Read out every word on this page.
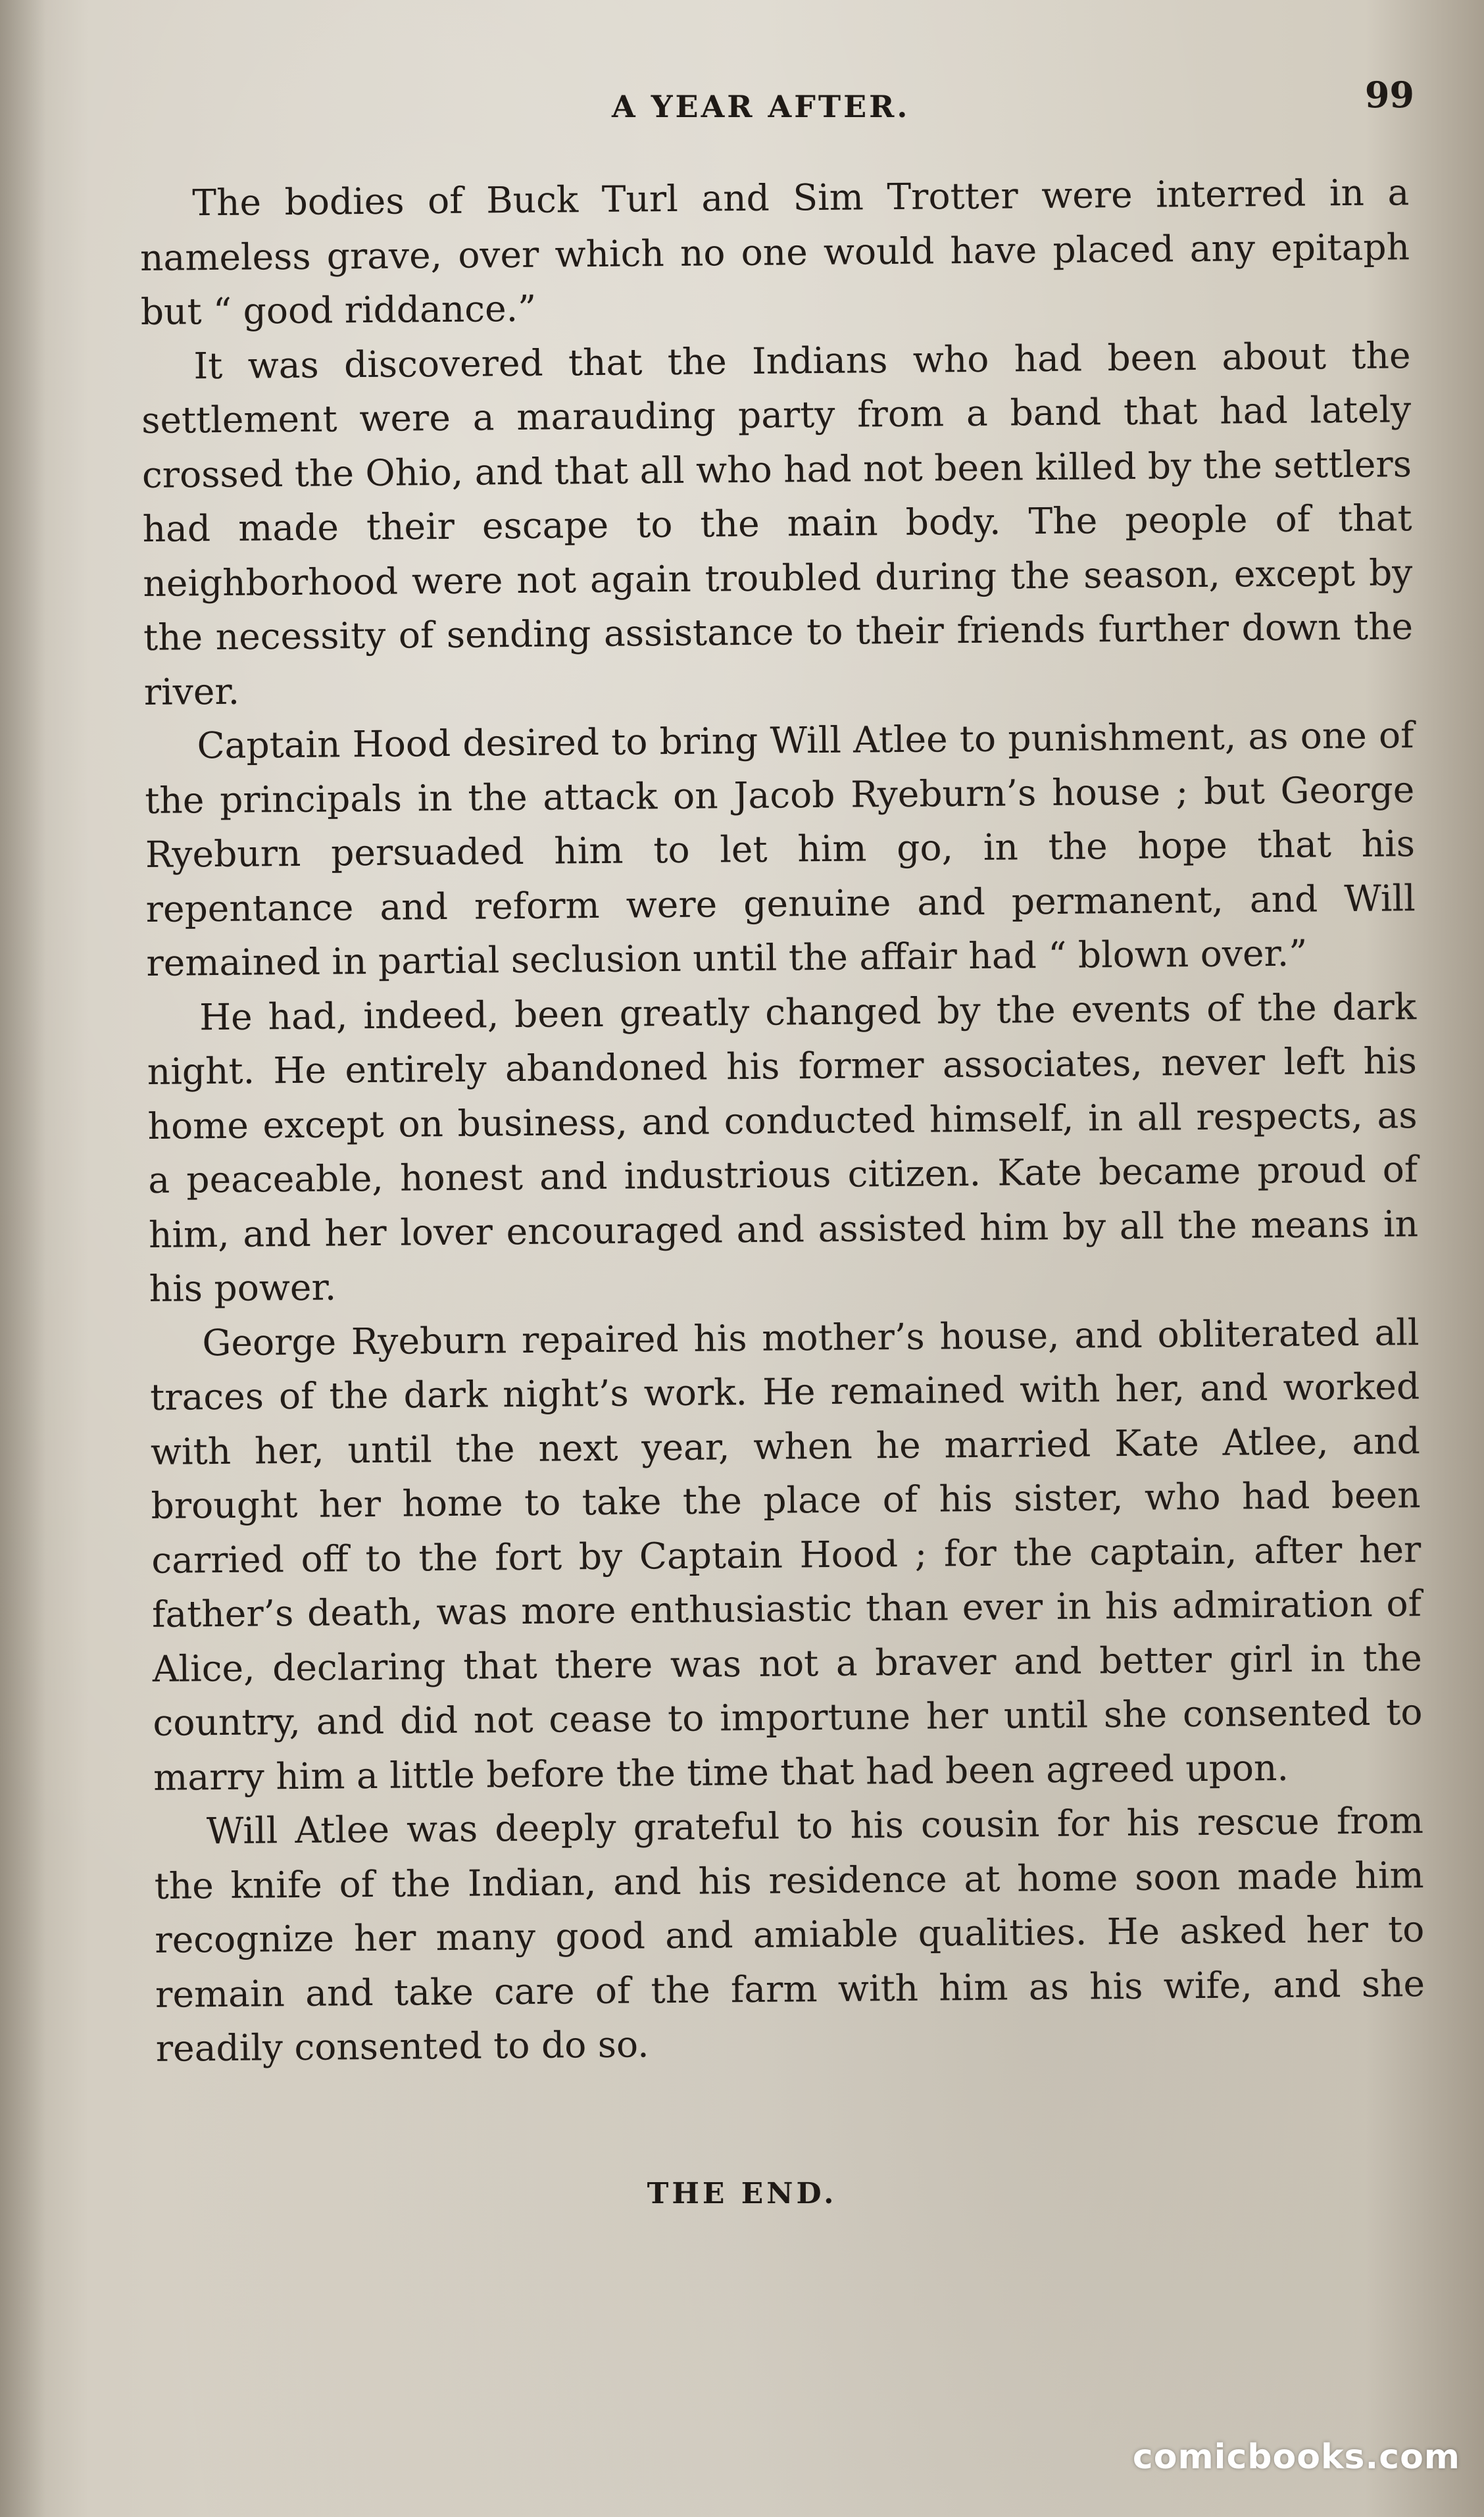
A YEAR AFTER.	99

The bodies of Buck Turl and Sim Trotter were interred in a nameless grave, over which no one would have placed any epitaph but “ good riddance.”

It was discovered that the Indians who had been about the settlement were a marauding party from a band that had lately crossed the Ohio, and that all who had not been killed by the settlers had made their escape to the main body. The people of that neighborhood were not again troubled during the season, except by the necessity of sending assistance to their friends further down the river.

Captain Hood desired to bring Will Atlee to punishment, as one of the principals in the attack on Jacob Ryeburn’s house ; but George Ryeburn persuaded him to let him go, in the hope that his repentance and reform were genuine and permanent, and Will remained in partial seclusion until the affair had “ blown over.”

He had, indeed, been greatly changed by the events of the dark night. He entirely abandoned his former associates, never left his home except on business, and conducted himself, in all respects, as a peaceable, honest and industrious citizen. Kate became proud of him, and her lover encouraged and assisted him by all the means in his power.

George Ryeburn repaired his mother’s house, and obliterated all traces of the dark night’s work. He remained with her, and worked with her, until the next year, when he married Kate Atlee, and brought her home to take the place of his sister, who had been carried off to the fort by Captain Hood ; for the captain, after her father’s death, was more enthusiastic than ever in his admiration of Alice, declaring that there was not a braver and better girl in the country, and did not cease to importune her until she consented to marry him a little before the time that had been agreed upon.

Will Atlee was deeply grateful to his cousin for his rescue from the knife of the Indian, and his residence at home soon made him recognize her many good and amiable qualities. He asked her to remain and take care of the farm with him as his wife, and she readily consented to do so.

THE END.
comicbooks.com
